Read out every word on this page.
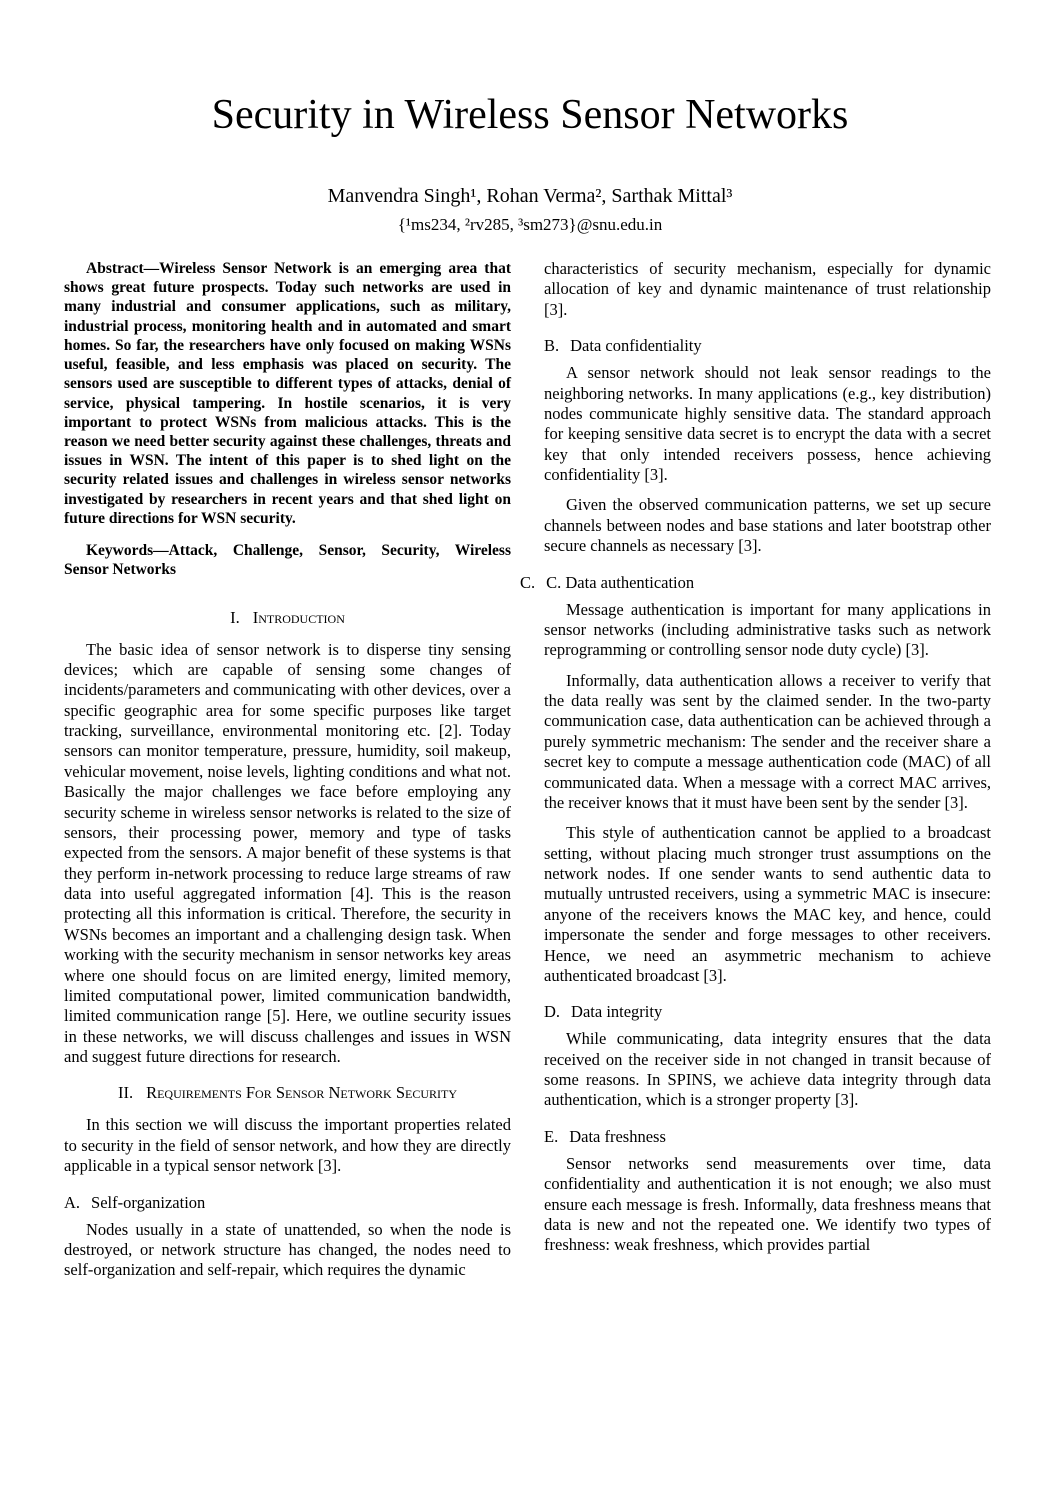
Security in Wireless Sensor Networks
Manvendra Singh¹, Rohan Verma², Sarthak Mittal³
{¹ms234, ²rv285, ³sm273}@snu.edu.in

Abstract—Wireless Sensor Network is an emerging area that shows great future prospects. Today such networks are used in many industrial and consumer applications, such as military, industrial process, monitoring health and in automated and smart homes. So far, the researchers have only focused on making WSNs useful, feasible, and less emphasis was placed on security. The sensors used are susceptible to different types of attacks, denial of service, physical tampering. In hostile scenarios, it is very important to protect WSNs from malicious attacks. This is the reason we need better security against these challenges, threats and issues in WSN. The intent of this paper is to shed light on the security related issues and challenges in wireless sensor networks investigated by researchers in recent years and that shed light on future directions for WSN security.

Keywords—Attack, Challenge, Sensor, Security, Wireless Sensor Networks

I. Introduction

The basic idea of sensor network is to disperse tiny sensing devices; which are capable of sensing some changes of incidents/parameters and communicating with other devices, over a specific geographic area for some specific purposes like target tracking, surveillance, environmental monitoring etc. [2]. Today sensors can monitor temperature, pressure, humidity, soil makeup, vehicular movement, noise levels, lighting conditions and what not. Basically the major challenges we face before employing any security scheme in wireless sensor networks is related to the size of sensors, their processing power, memory and type of tasks expected from the sensors. A major benefit of these systems is that they perform in-network processing to reduce large streams of raw data into useful aggregated information [4]. This is the reason protecting all this information is critical. Therefore, the security in WSNs becomes an important and a challenging design task. When working with the security mechanism in sensor networks key areas where one should focus on are limited energy, limited memory, limited computational power, limited communication bandwidth, limited communication range [5]. Here, we outline security issues in these networks, we will discuss challenges and issues in WSN and suggest future directions for research.

II. Requirements For Sensor Network Security

In this section we will discuss the important properties related to security in the field of sensor network, and how they are directly applicable in a typical sensor network [3].

A. Self-organization

Nodes usually in a state of unattended, so when the node is destroyed, or network structure has changed, the nodes need to self-organization and self-repair, which requires the dynamic

characteristics of security mechanism, especially for dynamic allocation of key and dynamic maintenance of trust relationship [3].

B. Data confidentiality

A sensor network should not leak sensor readings to the neighboring networks. In many applications (e.g., key distribution) nodes communicate highly sensitive data. The standard approach for keeping sensitive data secret is to encrypt the data with a secret key that only intended receivers possess, hence achieving confidentiality [3].

Given the observed communication patterns, we set up secure channels between nodes and base stations and later bootstrap other secure channels as necessary [3].

C. C. Data authentication

Message authentication is important for many applications in sensor networks (including administrative tasks such as network reprogramming or controlling sensor node duty cycle) [3].

Informally, data authentication allows a receiver to verify that the data really was sent by the claimed sender. In the two-party communication case, data authentication can be achieved through a purely symmetric mechanism: The sender and the receiver share a secret key to compute a message authentication code (MAC) of all communicated data. When a message with a correct MAC arrives, the receiver knows that it must have been sent by the sender [3].

This style of authentication cannot be applied to a broadcast setting, without placing much stronger trust assumptions on the network nodes. If one sender wants to send authentic data to mutually untrusted receivers, using a symmetric MAC is insecure: anyone of the receivers knows the MAC key, and hence, could impersonate the sender and forge messages to other receivers. Hence, we need an asymmetric mechanism to achieve authenticated broadcast [3].

D. Data integrity

While communicating, data integrity ensures that the data received on the receiver side in not changed in transit because of some reasons. In SPINS, we achieve data integrity through data authentication, which is a stronger property [3].

E. Data freshness

Sensor networks send measurements over time, data confidentiality and authentication it is not enough; we also must ensure each message is fresh. Informally, data freshness means that data is new and not the repeated one. We identify two types of freshness: weak freshness, which provides partial
